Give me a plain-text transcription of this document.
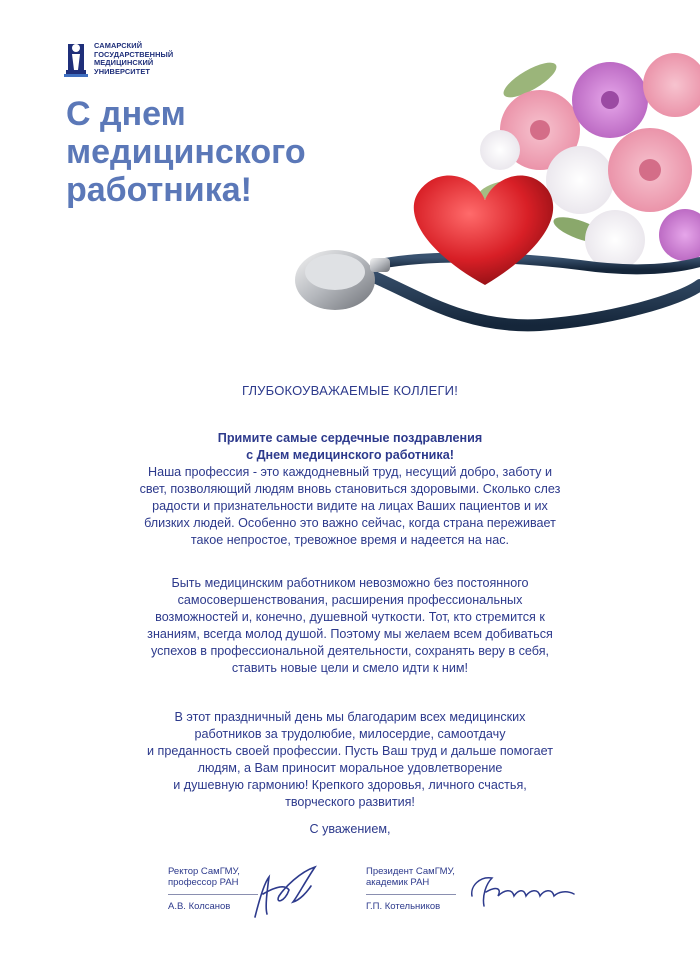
САМАРСКИЙ
ГОСУДАРСТВЕННЫЙ
МЕДИЦИНСКИЙ
УНИВЕРСИТЕТ
С днем
медицинского
работника!
ГЛУБОКОУВАЖАЕМЫЕ КОЛЛЕГИ!
Примите самые сердечные поздравления
с Днем медицинского работника!
Наша профессия - это каждодневный труд, несущий добро, заботу и
свет, позволяющий людям вновь становиться здоровыми. Сколько слез
радости и признательности видите на лицах Ваших пациентов и их
близких людей. Особенно это важно сейчас, когда страна переживает
такое непростое, тревожное время и надеется на нас.
Быть медицинским работником невозможно без постоянного
самосовершенствования, расширения профессиональных
возможностей и, конечно, душевной чуткости. Тот, кто стремится к
знаниям, всегда молод душой. Поэтому мы желаем всем добиваться
успехов в профессиональной деятельности, сохранять веру в себя,
ставить новые цели и смело идти к ним!
В этот праздничный день мы благодарим всех медицинских
работников за трудолюбие, милосердие, самоотдачу
и преданность своей профессии. Пусть Ваш труд и дальше помогает
людям, а Вам приносит моральное удовлетворение
и душевную гармонию! Крепкого здоровья, личного счастья,
творческого развития!
С уважением,
Ректор СамГМУ,
профессор РАН
А.В. Колсанов
Президент СамГМУ,
академик РАН
Г.П. Котельников
